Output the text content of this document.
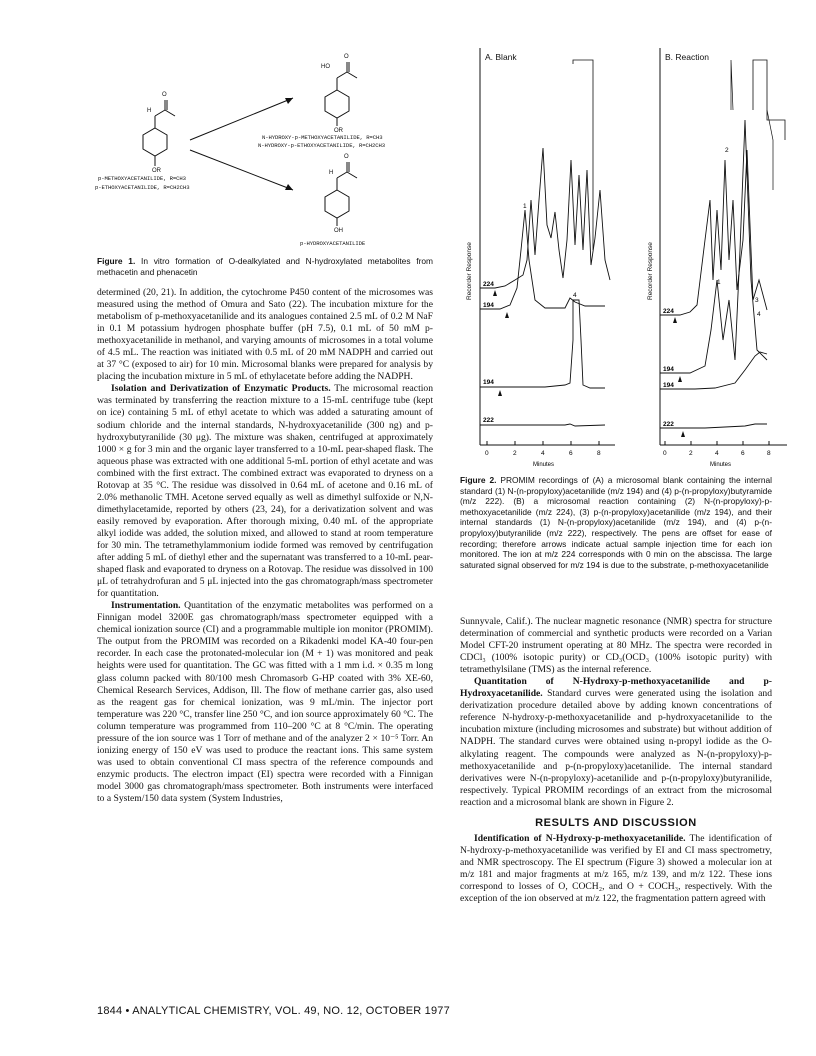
H
O
OR
HO
O
OR
H
O
OH
N-HYDROXY-p-METHOXYACETANILIDE, R=CH3
N-HYDROXY-p-ETHOXYACETANILIDE, R=CH2CH3
p-METHOXYACETANILIDE, R=CH3
p-ETHOXYACETANILIDE, R=CH2CH3
p-HYDROXYACETANILIDE
Figure 1. In vitro formation of O-dealkylated and N-hydroxylated metabolites from methacetin and phenacetin

determined (20, 21). In addition, the cytochrome P450 content of the microsomes was measured using the method of Omura and Sato (22). The incubation mixture for the metabolism of p-methoxyacetanilide and its analogues contained 2.5 mL of 0.2 M NaF in 0.1 M potassium hydrogen phosphate buffer (pH 7.5), 0.1 mL of 50 mM p-methoxyacetanilide in methanol, and varying amounts of microsomes in a total volume of 4.5 mL. The reaction was initiated with 0.5 mL of 20 mM NADPH and carried out at 37 °C (exposed to air) for 10 min. Microsomal blanks were prepared for analysis by placing the incubation mixture in 5 mL of ethylacetate before adding the NADPH.

Isolation and Derivatization of Enzymatic Products. The microsomal reaction was terminated by transferring the reaction mixture to a 15-mL centrifuge tube (kept on ice) containing 5 mL of ethyl acetate to which was added a saturating amount of sodium chloride and the internal standards, N-hydroxyacetanilide (300 ng) and p-hydroxybutyranilide (30 μg). The mixture was shaken, centrifuged at approximately 1000 × g for 3 min and the organic layer transferred to a 10-mL pear-shaped flask. The aqueous phase was extracted with one additional 5-mL portion of ethyl acetate and was combined with the first extract. The combined extract was evaporated to dryness on a Rotovap at 35 °C. The residue was dissolved in 0.64 mL of acetone and 0.16 mL of 2.0% methanolic TMH. Acetone served equally as well as dimethyl sulfoxide or N,N-dimethylacetamide, reported by others (23, 24), for a derivatization solvent and was easily removed by evaporation. After thorough mixing, 0.40 mL of the appropriate alkyl iodide was added, the solution mixed, and allowed to stand at room temperature for 30 min. The tetramethylammonium iodide formed was removed by centrifugation after adding 5 mL of diethyl ether and the supernatant was transferred to a 10-mL pear-shaped flask and evaporated to dryness on a Rotovap. The residue was dissolved in 100 μL of tetrahydrofuran and 5 μL injected into the gas chromatograph/mass spectrometer for quantitation.

Instrumentation. Quantitation of the enzymatic metabolites was performed on a Finnigan model 3200E gas chromatograph/mass spectrometer equipped with a chemical ionization source (CI) and a programmable multiple ion monitor (PROMIM). The output from the PROMIM was recorded on a Rikadenki model KA-40 four-pen recorder. In each case the protonated-molecular ion (M + 1) was monitored and peak heights were used for quantitation. The GC was fitted with a 1 mm i.d. × 0.35 m long glass column packed with 80/100 mesh Chromasorb G-HP coated with 3% XE-60, Chemical Research Services, Addison, Ill. The flow of methane carrier gas, also used as the reagent gas for chemical ionization, was 9 mL/min. The injector port temperature was 220 °C, transfer line 250 °C, and ion source approximately 60 °C. The column temperature was programmed from 110–200 °C at 8 °C/min. The operating pressure of the ion source was 1 Torr of methane and of the analyzer 2 × 10⁻⁵ Torr. An ionizing energy of 150 eV was used to produce the reactant ions. This same system was used to obtain conventional CI mass spectra of the reference compounds and enzymic products. The electron impact (EI) spectra were recorded with a Finnigan model 3000 gas chromatograph/mass spectrometer. Both instruments were interfaced to a System/150 data system (System Industries,

A. Blank	B. Reaction
Recorder Response	Recorder Response
0	2	4	6	8	0	2	4	6	8
Minutes	Minutes
224
194
194
222
224
194
194
222
1
4
1
2
3
4
Figure 2. PROMIM recordings of (A) a microsomal blank containing the internal standard (1) N-(n-propyloxy)acetanilide (m/z 194) and (4) p-(n-propyloxy)butyramide (m/z 222). (B) a microsomal reaction containing (2) N-(n-propyloxy)-p-methoxyacetanilide (m/z 224), (3) p-(n-propyloxy)acetanilide (m/z 194), and their internal standards (1) N-(n-propyloxy)acetanilide (m/z 194), and (4) p-(n-propyloxy)butyranilide (m/z 222), respectively. The pens are offset for ease of recording; therefore arrows indicate actual sample injection time for each ion monitored. The ion at m/z 224 corresponds with 0 min on the abscissa. The large saturated signal observed for m/z 194 is due to the substrate, p-methoxyacetanilide

Sunnyvale, Calif.). The nuclear magnetic resonance (NMR) spectra for structure determination of commercial and synthetic products were recorded on a Varian Model CFT-20 instrument operating at 80 MHz. The spectra were recorded in CDCl₃ (100% isotopic purity) or CD₃(OCD₃ (100% isotopic purity) with tetramethylsilane (TMS) as the internal reference.

Quantitation of N-Hydroxy-p-methoxyacetanilide and p-Hydroxyacetanilide. Standard curves were generated using the isolation and derivatization procedure detailed above by adding known concentrations of reference N-hydroxy-p-methoxyacetanilide and p-hydroxyacetanilide to the incubation mixture (including microsomes and substrate) but without addition of NADPH. The standard curves were obtained using n-propyl iodide as the O-alkylating reagent. The compounds were analyzed as N-(n-propyloxy)-p-methoxyacetanilide and p-(n-propyloxy)acetanilide. The internal standard derivatives were N-(n-propyloxy)-acetanilide and p-(n-propyloxy)butyranilide, respectively. Typical PROMIM recordings of an extract from the microsomal reaction and a microsomal blank are shown in Figure 2.

RESULTS AND DISCUSSION

Identification of N-Hydroxy-p-methoxyacetanilide. The identification of N-hydroxy-p-methoxyacetanilide was verified by EI and CI mass spectrometry, and NMR spectroscopy. The EI spectrum (Figure 3) showed a molecular ion at m/z 181 and major fragments at m/z 165, m/z 139, and m/z 122. These ions correspond to losses of O, COCH₂, and O + COCH₃, respectively. With the exception of the ion observed at m/z 122, the fragmentation pattern agreed with

1844 • ANALYTICAL CHEMISTRY, VOL. 49, NO. 12, OCTOBER 1977
